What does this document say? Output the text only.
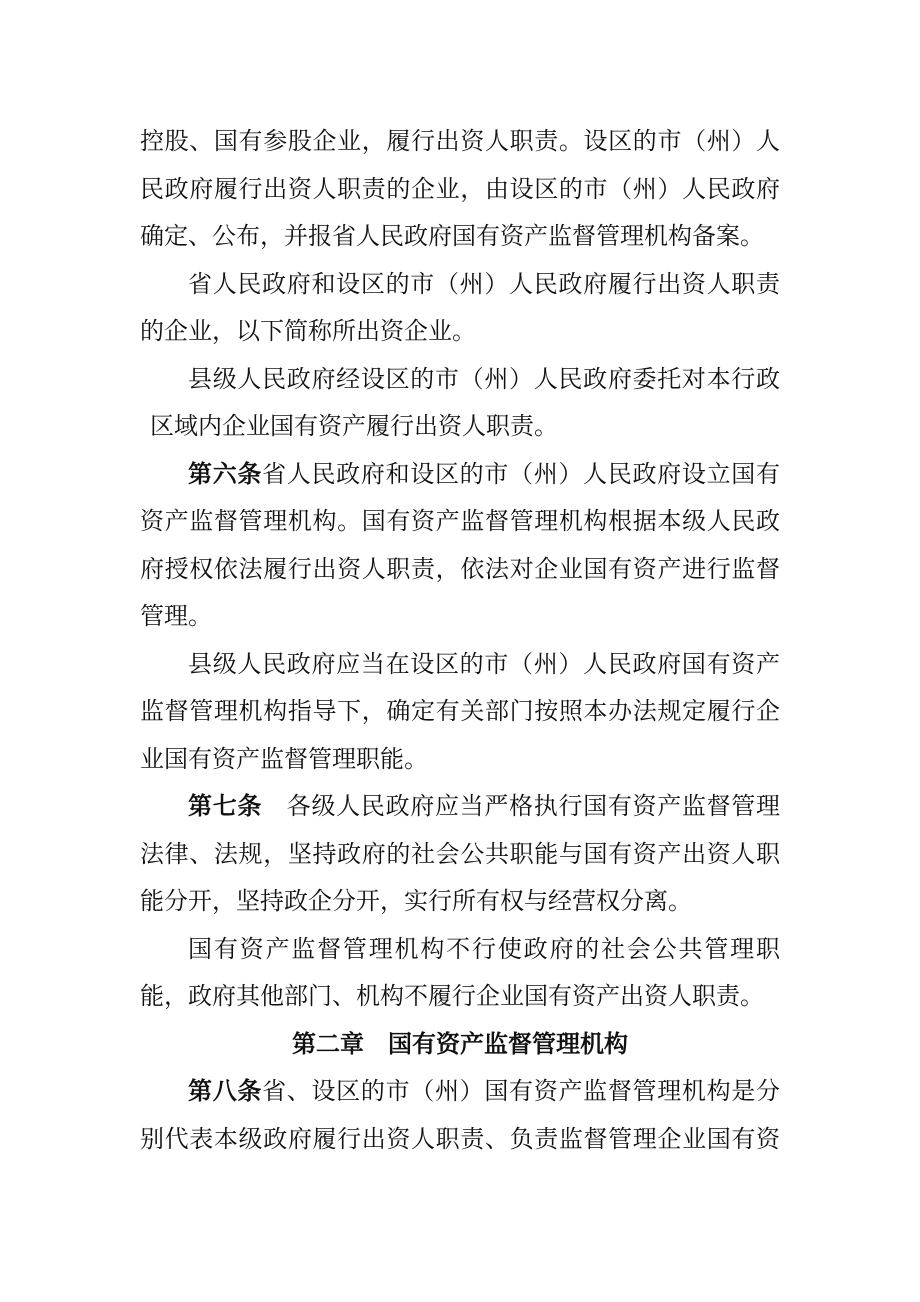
控股、国有参股企业，履行出资人职责。设区的市（州）人
民政府履行出资人职责的企业，由设区的市（州）人民政府
确定、公布，并报省人民政府国有资产监督管理机构备案。

省人民政府和设区的市（州）人民政府履行出资人职责
的企业，以下简称所出资企业。

县级人民政府经设区的市（州）人民政府委托对本行政
区域内企业国有资产履行出资人职责。

第六条省人民政府和设区的市（州）人民政府设立国有
资产监督管理机构。国有资产监督管理机构根据本级人民政
府授权依法履行出资人职责，依法对企业国有资产进行监督
管理。

县级人民政府应当在设区的市（州）人民政府国有资产
监督管理机构指导下，确定有关部门按照本办法规定履行企
业国有资产监督管理职能。

第七条 各级人民政府应当严格执行国有资产监督管理
法律、法规，坚持政府的社会公共职能与国有资产出资人职
能分开，坚持政企分开，实行所有权与经营权分离。

国有资产监督管理机构不行使政府的社会公共管理职
能，政府其他部门、机构不履行企业国有资产出资人职责。

第二章 国有资产监督管理机构

第八条省、设区的市（州）国有资产监督管理机构是分
别代表本级政府履行出资人职责、负责监督管理企业国有资
